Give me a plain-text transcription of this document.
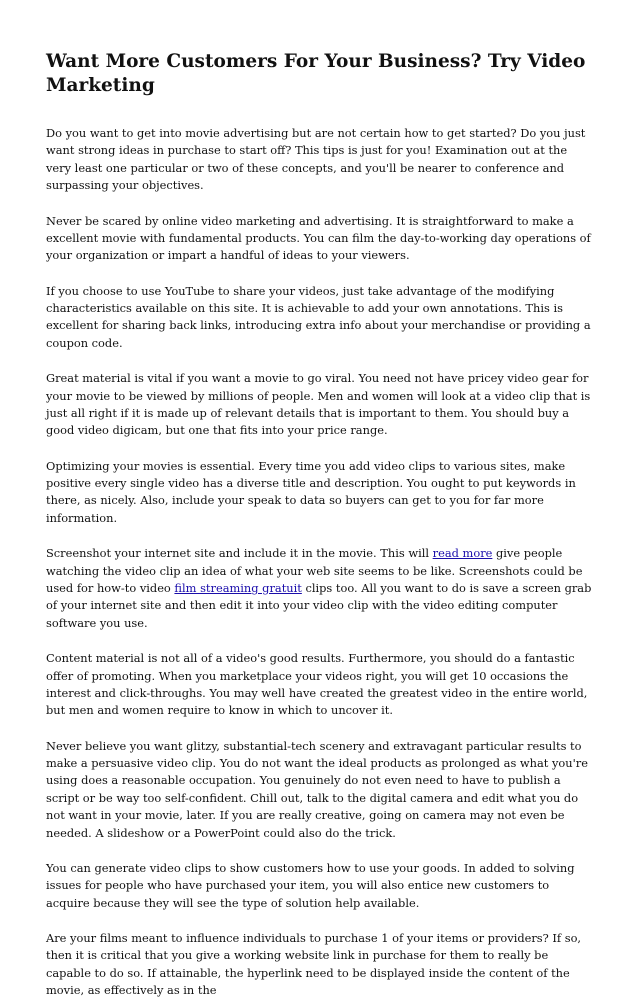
Want More Customers For Your Business? Try Video Marketing

Do you want to get into movie advertising but are not certain how to get started? Do you just want strong ideas in purchase to start off? This tips is just for you! Examination out at the very least one particular or two of these concepts, and you'll be nearer to conference and surpassing your objectives.

Never be scared by online video marketing and advertising. It is straightforward to make a excellent movie with fundamental products. You can film the day-to-working day operations of your organization or impart a handful of ideas to your viewers.

If you choose to use YouTube to share your videos, just take advantage of the modifying characteristics available on this site. It is achievable to add your own annotations. This is excellent for sharing back links, introducing extra info about your merchandise or providing a coupon code.

Great material is vital if you want a movie to go viral. You need not have pricey video gear for your movie to be viewed by millions of people. Men and women will look at a video clip that is just all right if it is made up of relevant details that is important to them. You should buy a good video digicam, but one that fits into your price range.

Optimizing your movies is essential. Every time you add video clips to various sites, make positive every single video has a diverse title and description. You ought to put keywords in there, as nicely. Also, include your speak to data so buyers can get to you for far more information.

Screenshot your internet site and include it in the movie. This will read more give people watching the video clip an idea of what your web site seems to be like. Screenshots could be used for how-to video film streaming gratuit clips too. All you want to do is save a screen grab of your internet site and then edit it into your video clip with the video editing computer software you use.

Content material is not all of a video's good results. Furthermore, you should do a fantastic offer of promoting. When you marketplace your videos right, you will get 10 occasions the interest and click-throughs. You may well have created the greatest video in the entire world, but men and women require to know in which to uncover it.

Never believe you want glitzy, substantial-tech scenery and extravagant particular results to make a persuasive video clip. You do not want the ideal products as prolonged as what you're using does a reasonable occupation. You genuinely do not even need to have to publish a script or be way too self-confident. Chill out, talk to the digital camera and edit what you do not want in your movie, later. If you are really creative, going on camera may not even be needed. A slideshow or a PowerPoint could also do the trick.

You can generate video clips to show customers how to use your goods. In added to solving issues for people who have purchased your item, you will also entice new customers to acquire because they will see the type of solution help available.

Are your films meant to influence individuals to purchase 1 of your items or providers? If so, then it is critical that you give a working website link in purchase for them to really be capable to do so. If attainable, the hyperlink need to be displayed inside the content of the movie, as effectively as in the
